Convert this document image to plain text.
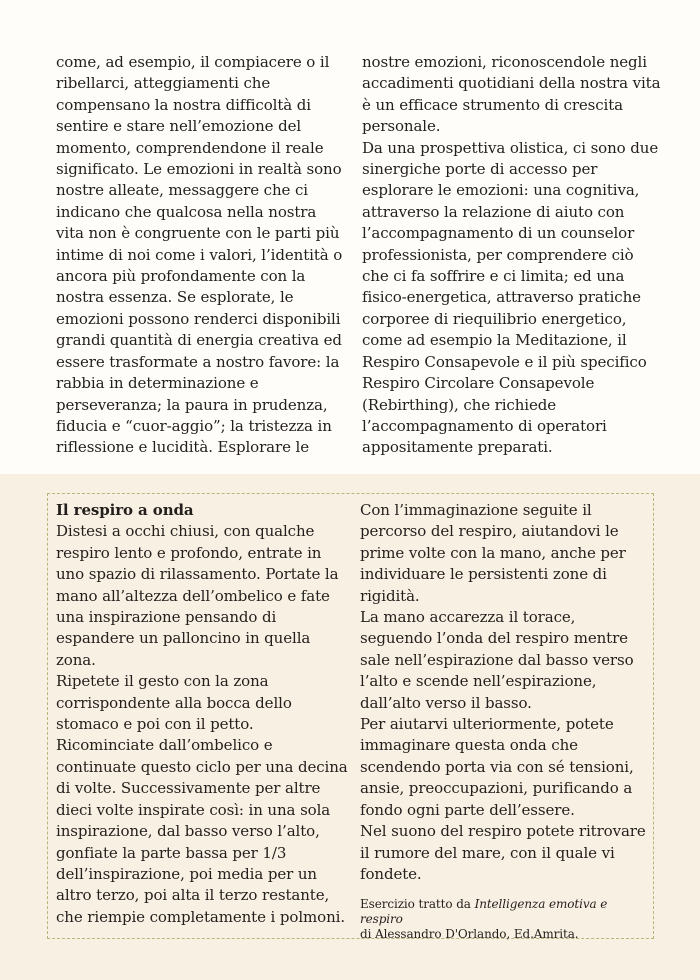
come, ad esempio, il compiacere o il ribellarci, atteggiamenti che compensano la nostra difficoltà di sentire e stare nell’emozione del momento, comprendendone il reale significato. Le emozioni in realtà sono nostre alleate, messaggere che ci indicano che qualcosa nella nostra vita non è congruente con le parti più intime di noi come i valori, l’identità o ancora più profondamente con la nostra essenza. Se esplorate, le emozioni possono renderci disponibili grandi quantità di energia creativa ed essere trasformate a nostro favore: la rabbia in determinazione e perseveranza; la paura in prudenza, fiducia e “cuor-aggio”; la tristezza in riflessione e lucidità. Esplorare le

nostre emozioni, riconoscendole negli accadimenti quotidiani della nostra vita è un efficace strumento di crescita personale.

Da una prospettiva olistica, ci sono due sinergiche porte di accesso per esplorare le emozioni: una cognitiva, attraverso la relazione di aiuto con l’accompagnamento di un counselor professionista, per comprendere ciò che ci fa soffrire e ci limita; ed una fisico-energetica, attraverso pratiche corporee di riequilibrio energetico, come ad esempio la Meditazione, il Respiro Consapevole e il più specifico Respiro Circolare Consapevole (Rebirthing), che richiede l’accompagnamento di operatori appositamente preparati.

Il respiro a onda

Distesi a occhi chiusi, con qualche respiro lento e profondo, entrate in uno spazio di rilassamento. Portate la mano all’altezza dell’ombelico e fate una inspirazione pensando di espandere un palloncino in quella zona.

Ripetete il gesto con la zona corrispondente alla bocca dello stomaco e poi con il petto.

Ricominciate dall’ombelico e continuate questo ciclo per una decina di volte. Successivamente per altre dieci volte inspirate così: in una sola inspirazione, dal basso verso l’alto, gonfiate la parte bassa per 1/3 dell’inspirazione, poi media per un altro terzo, poi alta il terzo restante, che riempie completamente i polmoni.

Con l’immaginazione seguite il percorso del respiro, aiutandovi le prime volte con la mano, anche per individuare le persistenti zone di rigidità.

La mano accarezza il torace, seguendo l’onda del respiro mentre sale nell’espirazione dal basso verso l’alto e scende nell’espirazione, dall’alto verso il basso.

Per aiutarvi ulteriormente, potete immaginare questa onda che scendendo porta via con sé tensioni, ansie, preoccupazioni, purificando a fondo ogni parte dell’essere.

Nel suono del respiro potete ritrovare il rumore del mare, con il quale vi fondete.

Esercizio tratto da Intelligenza emotiva e respiro
di Alessandro D'Orlando, Ed.Amrita.
